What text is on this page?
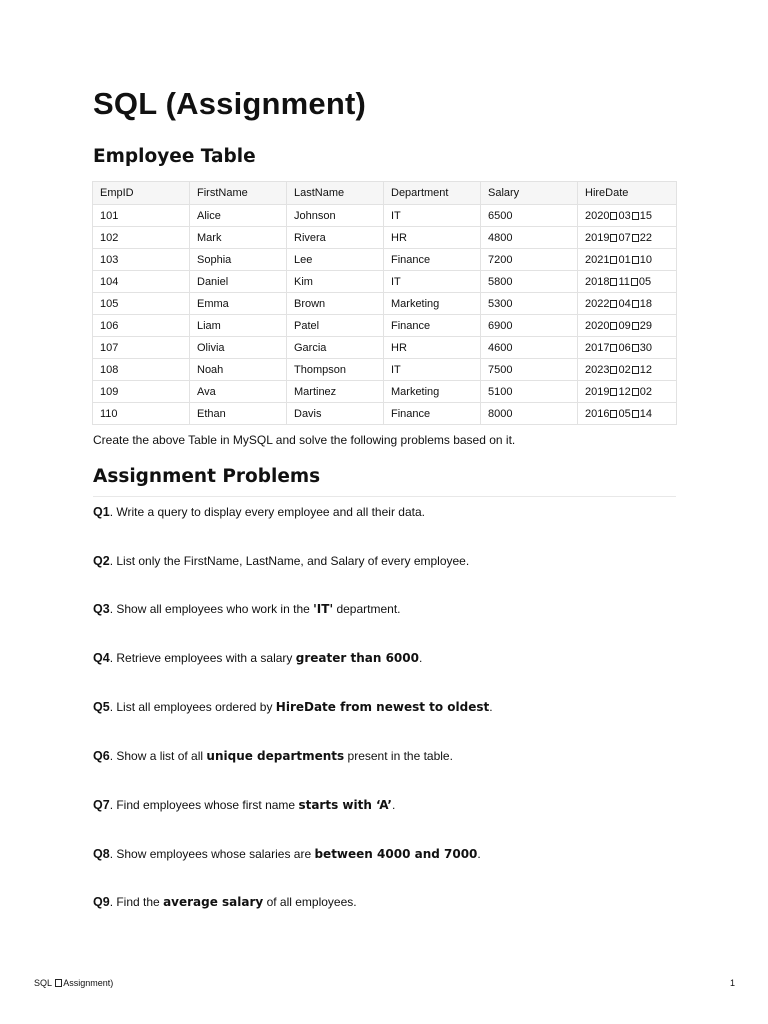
SQL (Assignment)
Employee Table
EmpID	FirstName	LastName	Department	Salary	HireDate
101	Alice	Johnson	IT	6500	2020 03 15
102	Mark	Rivera	HR	4800	2019 07 22
103	Sophia	Lee	Finance	7200	2021 01 10
104	Daniel	Kim	IT	5800	2018 11 05
105	Emma	Brown	Marketing	5300	2022 04 18
106	Liam	Patel	Finance	6900	2020 09 29
107	Olivia	Garcia	HR	4600	2017 06 30
108	Noah	Thompson	IT	7500	2023 02 12
109	Ava	Martinez	Marketing	5100	2019 12 02
110	Ethan	Davis	Finance	8000	2016 05 14

Create the above Table in MySQL and solve the following problems based on it.

Assignment Problems

Q1. Write a query to display every employee and all their data.

Q2. List only the FirstName, LastName, and Salary of every employee.

Q3. Show all employees who work in the 'IT' department.

Q4. Retrieve employees with a salary greater than 6000.

Q5. List all employees ordered by HireDate from newest to oldest.

Q6. Show a list of all unique departments present in the table.

Q7. Find employees whose first name starts with ‘A’.

Q8. Show employees whose salaries are between 4000 and 7000.

Q9. Find the average salary of all employees.

SQL Assignment)	1
